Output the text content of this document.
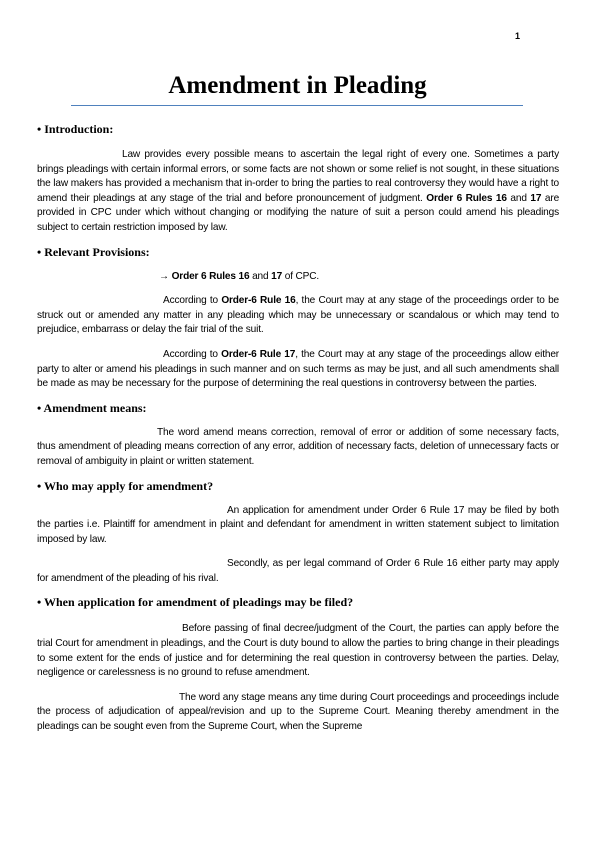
1
Amendment in Pleading

• Introduction:

Law provides every possible means to ascertain the legal right of every one. Sometimes a party brings pleadings with certain informal errors, or some facts are not shown or some relief is not sought, in these situations the law makers has provided a mechanism that in-order to bring the parties to real controversy they would have a right to amend their pleadings at any stage of the trial and before pronouncement of judgment. Order 6 Rules 16 and 17 are provided in CPC under which without changing or modifying the nature of suit a person could amend his pleadings subject to certain restriction imposed by law.

• Relevant Provisions:

→ Order 6 Rules 16 and 17 of CPC.

According to Order-6 Rule 16, the Court may at any stage of the proceedings order to be struck out or amended any matter in any pleading which may be unnecessary or scandalous or which may tend to prejudice, embarrass or delay the fair trial of the suit.

According to Order-6 Rule 17, the Court may at any stage of the proceedings allow either party to alter or amend his pleadings in such manner and on such terms as may be just, and all such amendments shall be made as may be necessary for the purpose of determining the real questions in controversy between the parties.

• Amendment means:

The word amend means correction, removal of error or addition of some necessary facts, thus amendment of pleading means correction of any error, addition of necessary facts, deletion of unnecessary facts or removal of ambiguity in plaint or written statement.

• Who may apply for amendment?

An application for amendment under Order 6 Rule 17 may be filed by both the parties i.e. Plaintiff for amendment in plaint and defendant for amendment in written statement subject to limitation imposed by law.

Secondly, as per legal command of Order 6 Rule 16 either party may apply for amendment of the pleading of his rival.

• When application for amendment of pleadings may be filed?

Before passing of final decree/judgment of the Court, the parties can apply before the trial Court for amendment in pleadings, and the Court is duty bound to allow the parties to bring change in their pleadings to some extent for the ends of justice and for determining the real question in controversy between the parties. Delay, negligence or carelessness is no ground to refuse amendment.

The word any stage means any time during Court proceedings and proceedings include the process of adjudication of appeal/revision and up to the Supreme Court. Meaning thereby amendment in the pleadings can be sought even from the Supreme Court, when the Supreme
